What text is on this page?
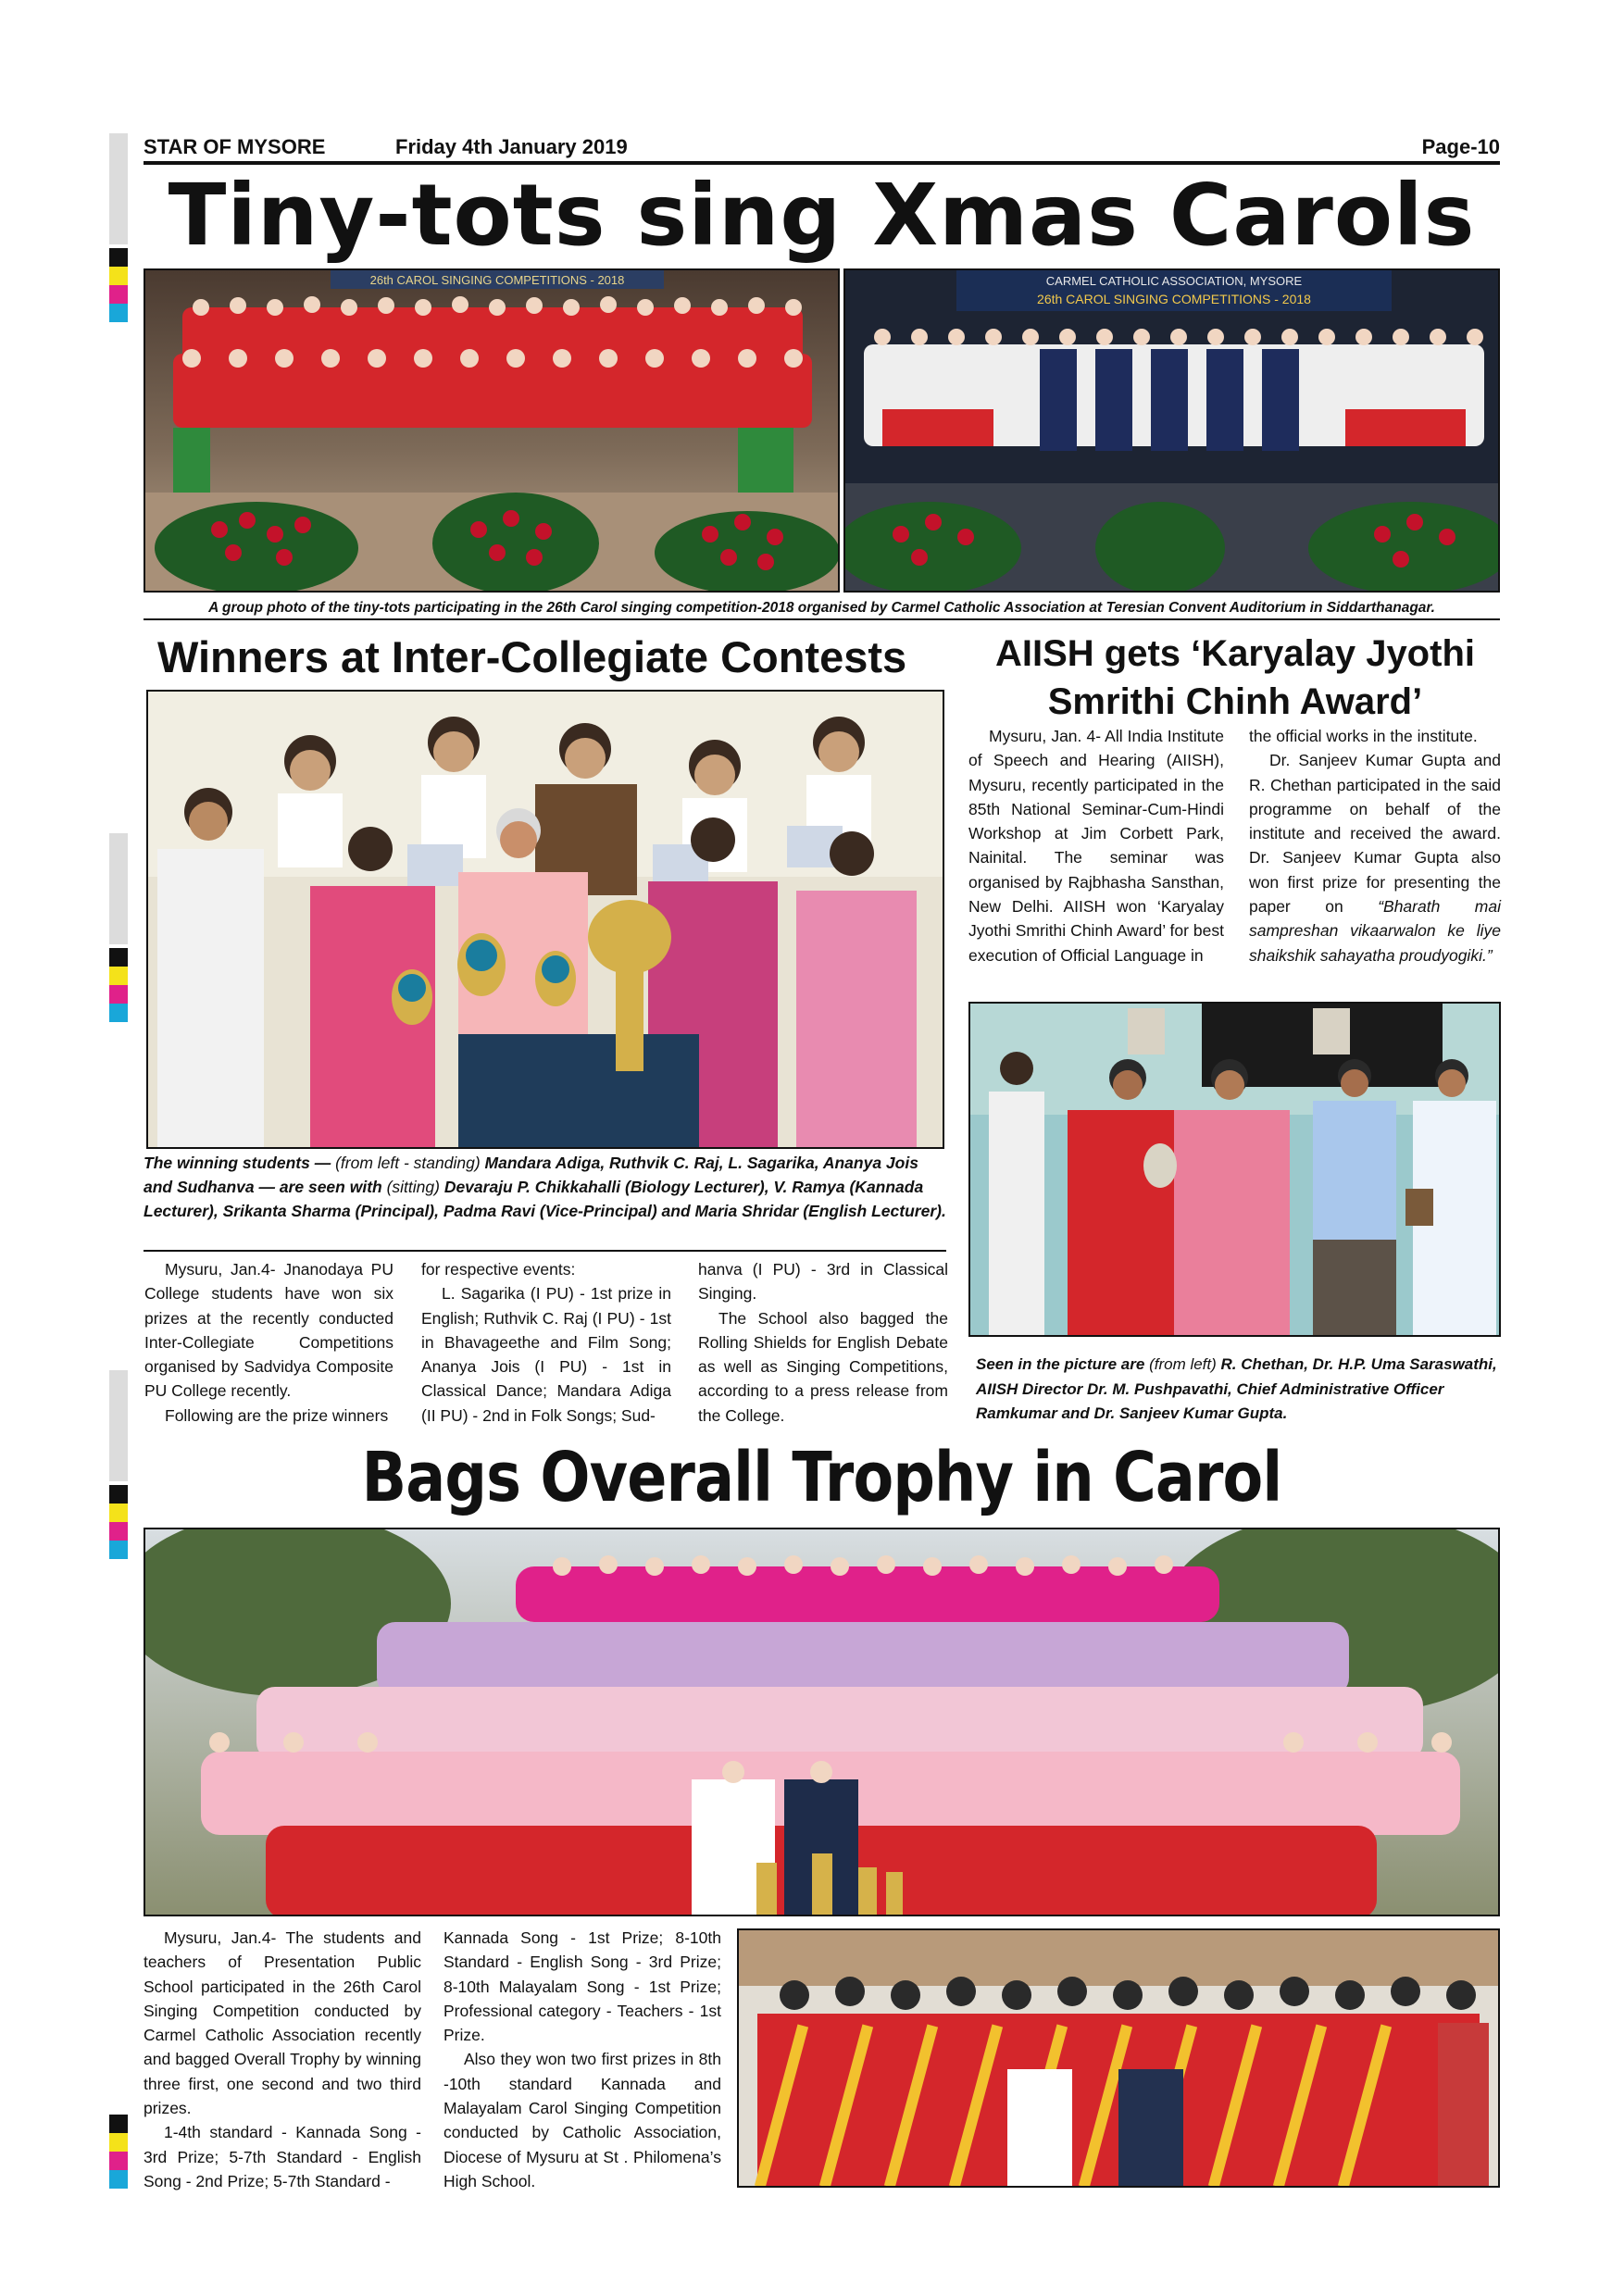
STAR OF MYSORE	Friday 4th January 2019	Page-10
Tiny-tots sing Xmas Carols
26th CAROL SINGING COMPETITIONS - 2018	CARMEL CATHOLIC ASSOCIATION, MYSORE
26th CAROL SINGING COMPETITIONS - 2018
A group photo of the tiny-tots participating in the 26th Carol singing competition-2018 organised by Carmel Catholic Association at Teresian Convent Auditorium in Siddarthanagar.
Winners at Inter-Collegiate Contests
The winning students — (from left - standing) Mandara Adiga, Ruthvik C. Raj, L. Sagarika, Ananya Jois and Sudhanva — are seen with (sitting) Devaraju P. Chikkahalli (Biology Lecturer), V. Ramya (Kannada Lecturer), Srikanta Sharma (Principal), Padma Ravi (Vice-Principal) and Maria Shridar (English Lecturer).

Mysuru, Jan.4- Jnanodaya PU College students have won six prizes at the recently conducted Inter-Collegiate Competitions organised by Sadvidya Composite PU College recently.

Following are the prize winners

for respective events:

L. Sagarika (I PU) - 1st prize in English; Ruthvik C. Raj (I PU) - 1st in Bhavageethe and Film Song; Ananya Jois (I PU) - 1st in Classical Dance; Mandara Adiga (II PU) - 2nd in Folk Songs; Sud-

hanva (I PU) - 3rd in Classical Singing.

The School also bagged the Rolling Shields for English Debate as well as Singing Competitions, according to a press release from the College.

AIISH gets ‘Karyalay Jyothi
Smrithi Chinh Award’

Mysuru, Jan. 4- All India Institute of Speech and Hearing (AIISH), Mysuru, recently participated in the 85th National Seminar-Cum-Hindi Workshop at Jim Corbett Park, Nainital. The seminar was organised by Rajbhasha Sansthan, New Delhi. AIISH won ‘Karyalay Jyothi Smrithi Chinh Award’ for best execution of Official Language in

the official works in the institute.

Dr. Sanjeev Kumar Gupta and R. Chethan participated in the said programme on behalf of the institute and received the award. Dr. Sanjeev Kumar Gupta also won first prize for presenting the paper on “Bharath mai sampreshan vikaarwalon ke liye shaikshik sahayatha proudyogiki.”

Seen in the picture are (from left) R. Chethan, Dr. H.P. Uma Saraswathi, AIISH Director Dr. M. Pushpavathi, Chief Administrative Officer Ramkumar and Dr. Sanjeev Kumar Gupta.
Bags Overall Trophy in Carol

Mysuru, Jan.4- The students and teachers of Presentation Public School participated in the 26th Carol Singing Competition conducted by Carmel Catholic Association recently and bagged Overall Trophy by winning three first, one second and two third prizes.

1-4th standard - Kannada Song - 3rd Prize; 5-7th Standard - English Song - 2nd Prize; 5-7th Standard -

Kannada Song - 1st Prize; 8-10th Standard - English Song - 3rd Prize; 8-10th Malayalam Song - 1st Prize; Professional category - Teachers - 1st Prize.

Also they won two first prizes in 8th -10th standard Kannada and Malayalam Carol Singing Competition conducted by Catholic Association, Diocese of Mysuru at St . Philomena’s High School.
